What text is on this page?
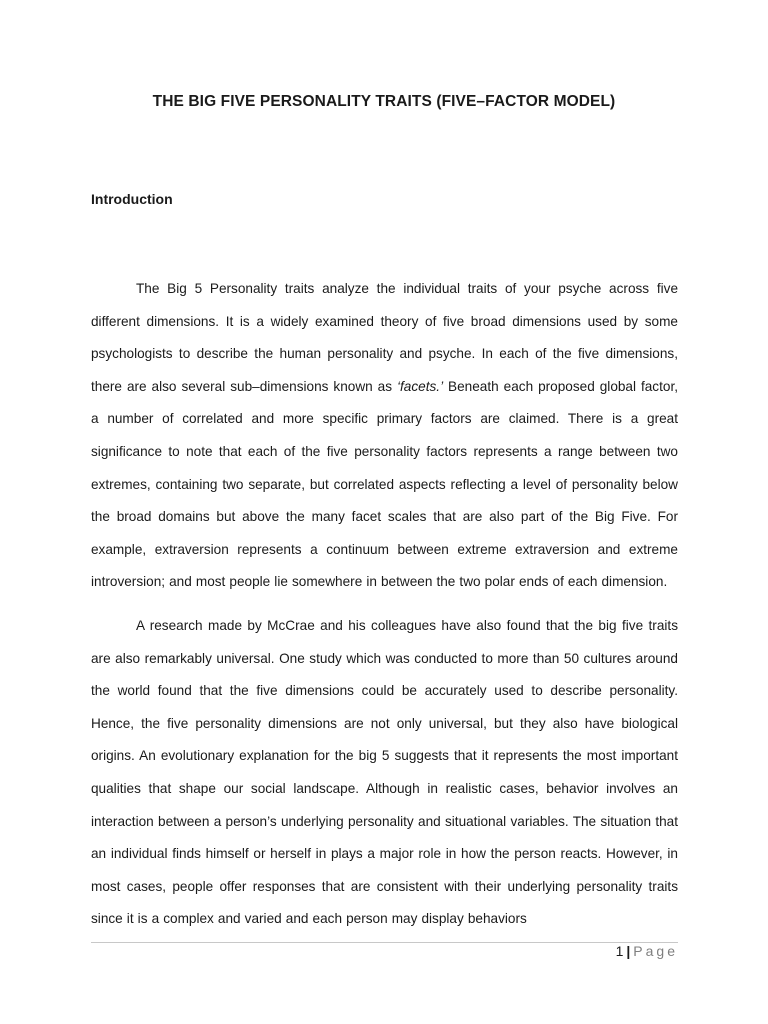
THE BIG FIVE PERSONALITY TRAITS (FIVE–FACTOR MODEL)
Introduction

The Big 5 Personality traits analyze the individual traits of your psyche across five different dimensions. It is a widely examined theory of five broad dimensions used by some psychologists to describe the human personality and psyche. In each of the five dimensions, there are also several sub–dimensions known as ‘facets.’ Beneath each proposed global factor, a number of correlated and more specific primary factors are claimed. There is a great significance to note that each of the five personality factors represents a range between two extremes, containing two separate, but correlated aspects reflecting a level of personality below the broad domains but above the many facet scales that are also part of the Big Five. For example, extraversion represents a continuum between extreme extraversion and extreme introversion; and most people lie somewhere in between the two polar ends of each dimension.

A research made by McCrae and his colleagues have also found that the big five traits are also remarkably universal. One study which was conducted to more than 50 cultures around the world found that the five dimensions could be accurately used to describe personality. Hence, the five personality dimensions are not only universal, but they also have biological origins. An evolutionary explanation for the big 5 suggests that it represents the most important qualities that shape our social landscape. Although in realistic cases, behavior involves an interaction between a person’s underlying personality and situational variables. The situation that an individual finds himself or herself in plays a major role in how the person reacts. However, in most cases, people offer responses that are consistent with their underlying personality traits since it is a complex and varied and each person may display behaviors

1 | Page
